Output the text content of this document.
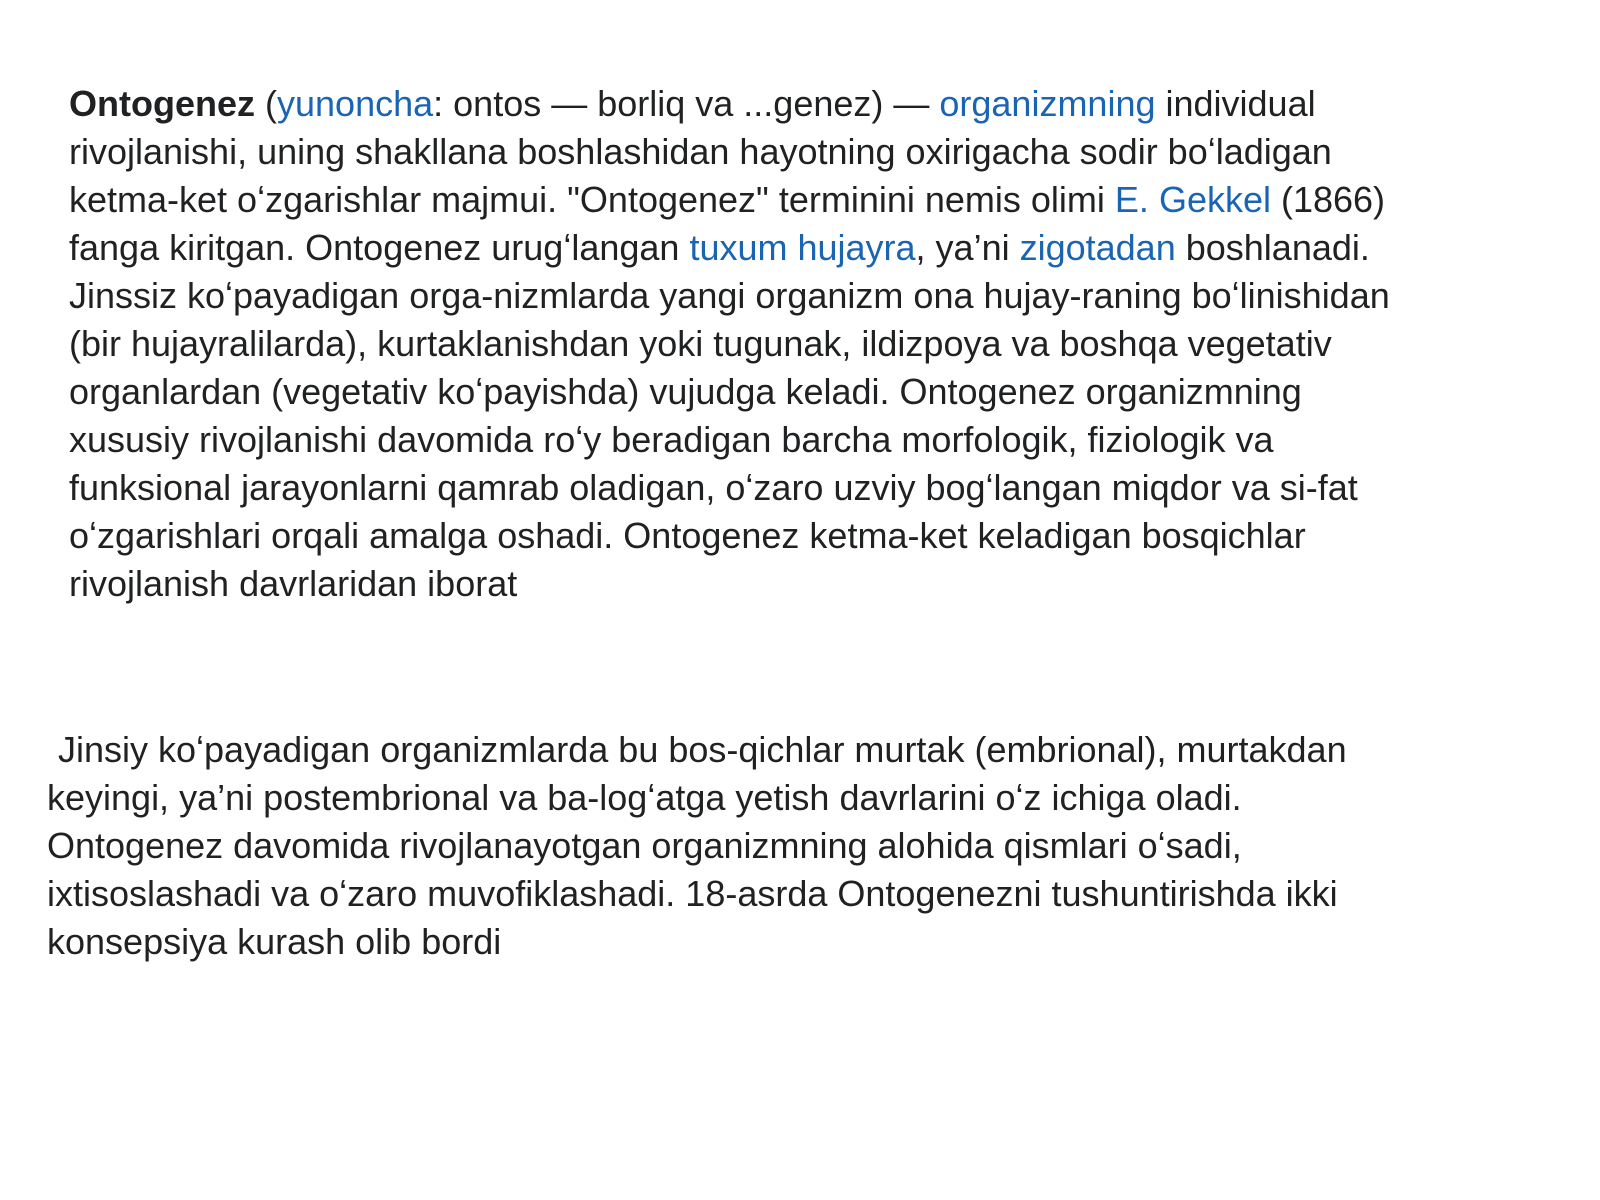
Ontogenez (yunoncha: ontos — borliq va ...genez) — organizmning individual
rivojlanishi, uning shakllana boshlashidan hayotning oxirigacha sodir boʻladigan
ketma-ket oʻzgarishlar majmui. "Ontogenez" terminini nemis olimi E. Gekkel (1866)
fanga kiritgan. Ontogenez urugʻlangan tuxum hujayra, ya’ni zigotadan boshlanadi.
Jinssiz koʻpayadigan orga-nizmlarda yangi organizm ona hujay-raning boʻlinishidan
(bir hujayralilarda), kurtaklanishdan yoki tugunak, ildizpoya va boshqa vegetativ
organlardan (vegetativ koʻpayishda) vujudga keladi. Ontogenez organizmning
xususiy rivojlanishi davomida roʻy beradigan barcha morfologik, fiziologik va
funksional jarayonlarni qamrab oladigan, oʻzaro uzviy bogʻlangan miqdor va si-fat
oʻzgarishlari orqali amalga oshadi. Ontogenez ketma-ket keladigan bosqichlar
rivojlanish davrlaridan iborat

Jinsiy koʻpayadigan organizmlarda bu bos-qichlar murtak (embrional), murtakdan
keyingi, ya’ni postembrional va ba-logʻatga yetish davrlarini oʻz ichiga oladi.
Ontogenez davomida rivojlanayotgan organizmning alohida qismlari oʻsadi,
ixtisoslashadi va oʻzaro muvofiklashadi. 18-asrda Ontogenezni tushuntirishda ikki
konsepsiya kurash olib bordi
